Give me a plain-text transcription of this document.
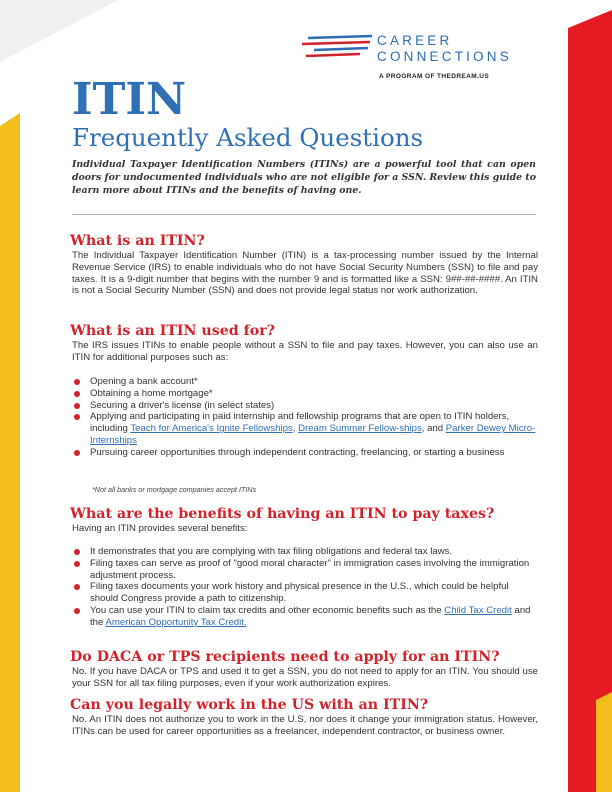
CAREER
CONNECTIONS
A PROGRAM OF THEDREAM.US
ITIN
Frequently Asked Questions
Individual Taxpayer Identification Numbers (ITINs) are a powerful tool that can open doors for undocumented individuals who are not eligible for a SSN. Review this guide to learn more about ITINs and the benefits of having one.
What is an ITIN?
The Individual Taxpayer Identification Number (ITIN) is a tax-processing number issued by the Internal Revenue Service (IRS) to enable individuals who do not have Social Security Numbers (SSN) to file and pay taxes. It is a 9-digit number that begins with the number 9 and is formatted like a SSN: 9##-##-####. An ITIN is not a Social Security Number (SSN) and does not provide legal status nor work authorization.
What is an ITIN used for?
The IRS issues ITINs to enable people without a SSN to file and pay taxes. However, you can also use an ITIN for additional purposes such as:
Opening a bank account*
Obtaining a home mortgage*
Securing a driver's license (in select states)
Applying and participating in paid internship and fellowship programs that are open to ITIN holders, including Teach for America's Ignite Fellowships, Dream Summer Fellow-ships, and Parker Dewey Micro-Internships
Pursuing career opportunities through independent contracting, freelancing, or starting a business
*Not all banks or mortgage companies accept ITINs
What are the benefits of having an ITIN to pay taxes?
Having an ITIN provides several benefits:
It demonstrates that you are complying with tax filing obligations and federal tax laws.
Filing taxes can serve as proof of "good moral character" in immigration cases involving the immigration adjustment process.
Filing taxes documents your work history and physical presence in the U.S., which could be helpful should Congress provide a path to citizenship.
You can use your ITIN to claim tax credits and other economic benefits such as the Child Tax Credit and the American Opportunity Tax Credit.
Do DACA or TPS recipients need to apply for an ITIN?
No. If you have DACA or TPS and used it to get a SSN, you do not need to apply for an ITIN. You should use your SSN for all tax filing purposes, even if your work authorization expires.
Can you legally work in the US with an ITIN?
No. An ITIN does not authorize you to work in the U.S, nor does it change your immigration status. However, ITINs can be used for career opportunities as a freelancer, independent contractor, or business owner.
